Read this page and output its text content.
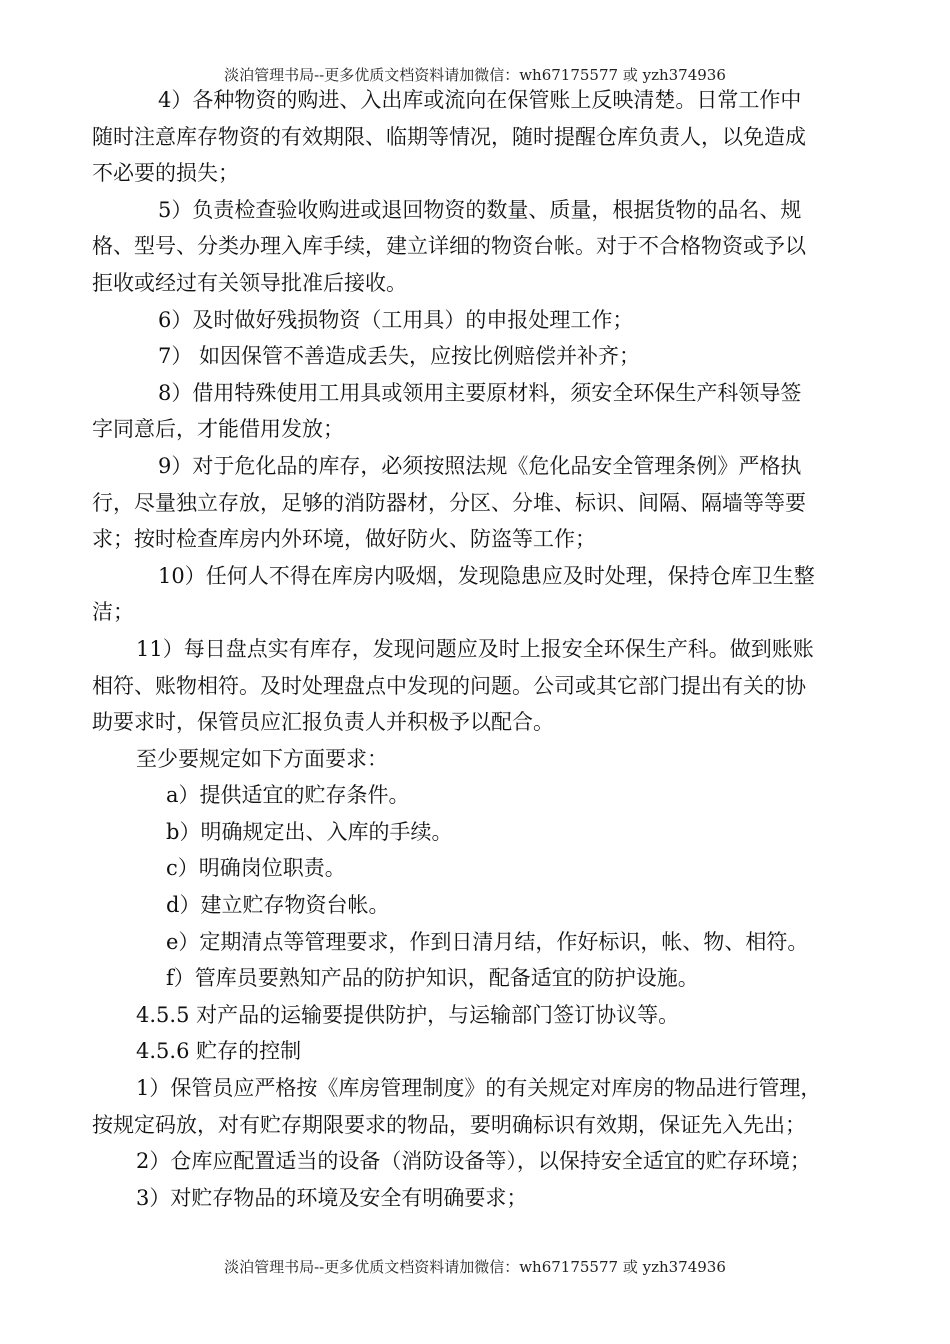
淡泊管理书局--更多优质文档资料请加微信：wh67175577 或 yzh374936

4）各种物资的购进、入出库或流向在保管账上反映清楚。日常工作中

随时注意库存物资的有效期限、临期等情况，随时提醒仓库负责人，以免造成

不必要的损失；

5）负责检查验收购进或退回物资的数量、质量，根据货物的品名、规

格、型号、分类办理入库手续，建立详细的物资台帐。对于不合格物资或予以

拒收或经过有关领导批准后接收。

6）及时做好残损物资（工用具）的申报处理工作；

7） 如因保管不善造成丢失，应按比例赔偿并补齐；

8）借用特殊使用工用具或领用主要原材料，须安全环保生产科领导签

字同意后，才能借用发放；

9）对于危化品的库存，必须按照法规《危化品安全管理条例》严格执

行，尽量独立存放，足够的消防器材，分区、分堆、标识、间隔、隔墙等等要

求；按时检查库房内外环境，做好防火、防盗等工作；

10）任何人不得在库房内吸烟，发现隐患应及时处理，保持仓库卫生整

洁；

11）每日盘点实有库存，发现问题应及时上报安全环保生产科。做到账账

相符、账物相符。及时处理盘点中发现的问题。公司或其它部门提出有关的协

助要求时，保管员应汇报负责人并积极予以配合。

至少要规定如下方面要求：

a）提供适宜的贮存条件。

b）明确规定出、入库的手续。

c）明确岗位职责。

d）建立贮存物资台帐。

e）定期清点等管理要求，作到日清月结，作好标识，帐、物、相符。

f）管库员要熟知产品的防护知识，配备适宜的防护设施。

4.5.5 对产品的运输要提供防护，与运输部门签订协议等。

4.5.6 贮存的控制

1）保管员应严格按《库房管理制度》的有关规定对库房的物品进行管理，

按规定码放，对有贮存期限要求的物品，要明确标识有效期，保证先入先出；

2）仓库应配置适当的设备（消防设备等），以保持安全适宜的贮存环境；

3）对贮存物品的环境及安全有明确要求；

淡泊管理书局--更多优质文档资料请加微信：wh67175577 或 yzh374936
